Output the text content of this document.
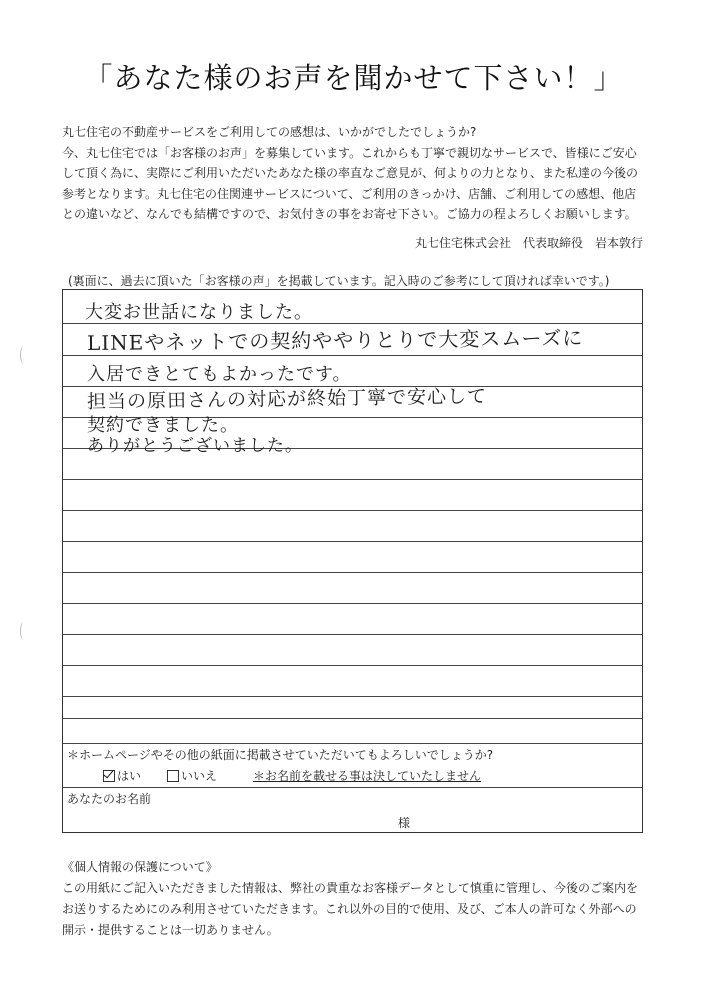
「あなた様のお声を聞かせて下さい！」

丸七住宅の不動産サービスをご利用しての感想は、いかがでしたでしょうか?

今、丸七住宅では「お客様のお声」を募集しています。これからも丁寧で親切なサービスで、皆様にご安心

して頂く為に、実際にご利用いただいたあなた様の率直なご意見が、何よりの力となり、また私達の今後の

参考となります。丸七住宅の住関連サービスについて、ご利用のきっかけ、店舗、ご利用しての感想、他店

との違いなど、なんでも結構ですので、お気付きの事をお寄せ下さい。ご協力の程よろしくお願いします。

丸七住宅株式会社　代表取締役　岩本敦行
(裏面に、過去に頂いた「お客様の声」を掲載しています。記入時のご参考にして頂ければ幸いです。)
大変お世話になりました。
LINEやネットでの契約ややりとりで大変スムーズに
入居できとてもよかったです。
担当の原田さんの対応が終始丁寧で安心して
契約できました。
ありがとうございました。
＊ホームページやその他の紙面に掲載させていただいてもよろしいでしょうか?
はい	いいえ	＊お名前を載せる事は決していたしません
あなたのお名前
様

《個人情報の保護について》

この用紙にご記入いただきました情報は、弊社の貴重なお客様データとして慎重に管理し、今後のご案内を

お送りするためにのみ利用させていただきます。これ以外の目的で使用、及び、ご本人の許可なく外部への

開示・提供することは一切ありません。
